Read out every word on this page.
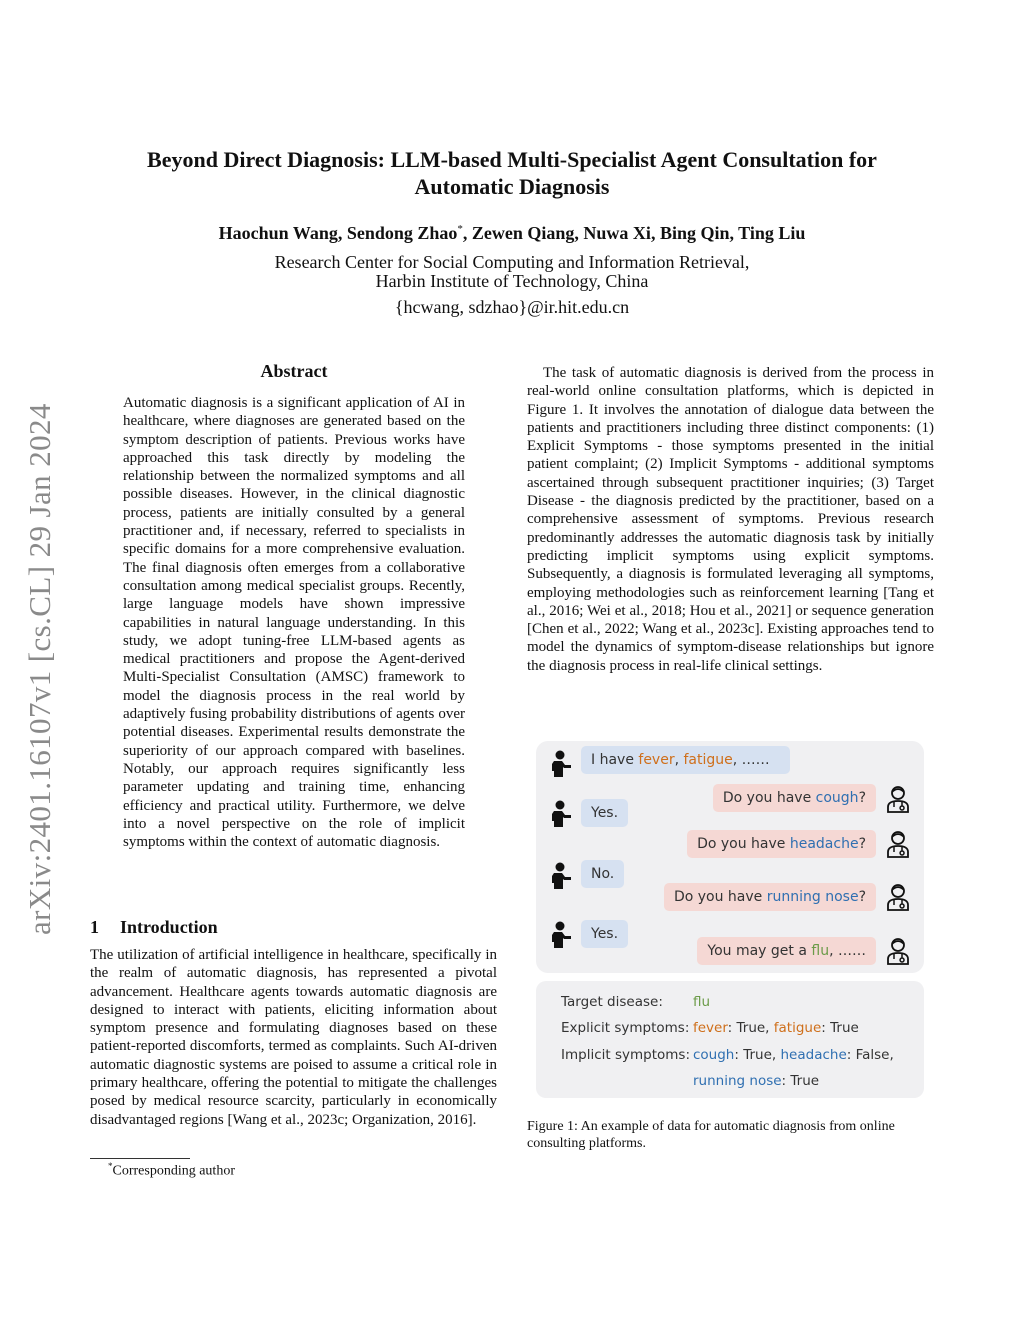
Beyond Direct Diagnosis: LLM-based Multi-Specialist Agent Consultation for
Automatic Diagnosis
Haochun Wang, Sendong Zhao*, Zewen Qiang, Nuwa Xi, Bing Qin, Ting Liu
Research Center for Social Computing and Information Retrieval,
Harbin Institute of Technology, China
{hcwang, sdzhao}@ir.hit.edu.cn
arXiv:2401.16107v1 [cs.CL] 29 Jan 2024
Abstract
Automatic diagnosis is a significant application of AI in healthcare, where diagnoses are generated based on the symptom description of patients. Previous works have approached this task directly by modeling the relationship between the normalized symptoms and all possible diseases. However, in the clinical diagnostic process, patients are initially consulted by a general practitioner and, if necessary, referred to specialists in specific domains for a more comprehensive evaluation. The final diagnosis often emerges from a collaborative consultation among medical specialist groups. Recently, large language models have shown impressive capabilities in natural language understanding. In this study, we adopt tuning-free LLM-based agents as medical practitioners and propose the Agent-derived Multi-Specialist Consultation (AMSC) framework to model the diagnosis process in the real world by adaptively fusing probability distributions of agents over potential diseases. Experimental results demonstrate the superiority of our approach compared with baselines. Notably, our approach requires significantly less parameter updating and training time, enhancing efficiency and practical utility. Furthermore, we delve into a novel perspective on the role of implicit symptoms within the context of automatic diagnosis.
1 Introduction
The utilization of artificial intelligence in healthcare, specifically in the realm of automatic diagnosis, has represented a pivotal advancement. Healthcare agents towards automatic diagnosis are designed to interact with patients, eliciting information about symptom presence and formulating diagnoses based on these patient-reported discomforts, termed as complaints. Such AI-driven automatic diagnostic systems are poised to assume a critical role in primary healthcare, offering the potential to mitigate the challenges posed by medical resource scarcity, particularly in economically disadvantaged regions [Wang et al., 2023c; Organization, 2016].
*Corresponding author
The task of automatic diagnosis is derived from the process in real-world online consultation platforms, which is depicted in Figure 1. It involves the annotation of dialogue data between the patients and practitioners including three distinct components: (1) Explicit Symptoms - those symptoms presented in the initial patient complaint; (2) Implicit Symptoms - additional symptoms ascertained through subsequent practitioner inquiries; (3) Target Disease - the diagnosis predicted by the practitioner, based on a comprehensive assessment of symptoms. Previous research predominantly addresses the automatic diagnosis task by initially predicting implicit symptoms using explicit symptoms. Subsequently, a diagnosis is formulated leveraging all symptoms, employing methodologies such as reinforcement learning [Tang et al., 2016; Wei et al., 2018; Hou et al., 2021] or sequence generation [Chen et al., 2022; Wang et al., 2023c]. Existing approaches tend to model the dynamics of symptom-disease relationships but ignore the diagnosis process in real-life clinical settings.
I have fever, fatigue, ……
Yes.
No.
Yes.
Do you have cough?
Do you have headache?
Do you have running nose?
You may get a flu, ……
Target disease: flu
Explicit symptoms: fever: True, fatigue: True
Implicit symptoms: cough: True, headache: False,
running nose: True
Figure 1: An example of data for automatic diagnosis from online consulting platforms.
